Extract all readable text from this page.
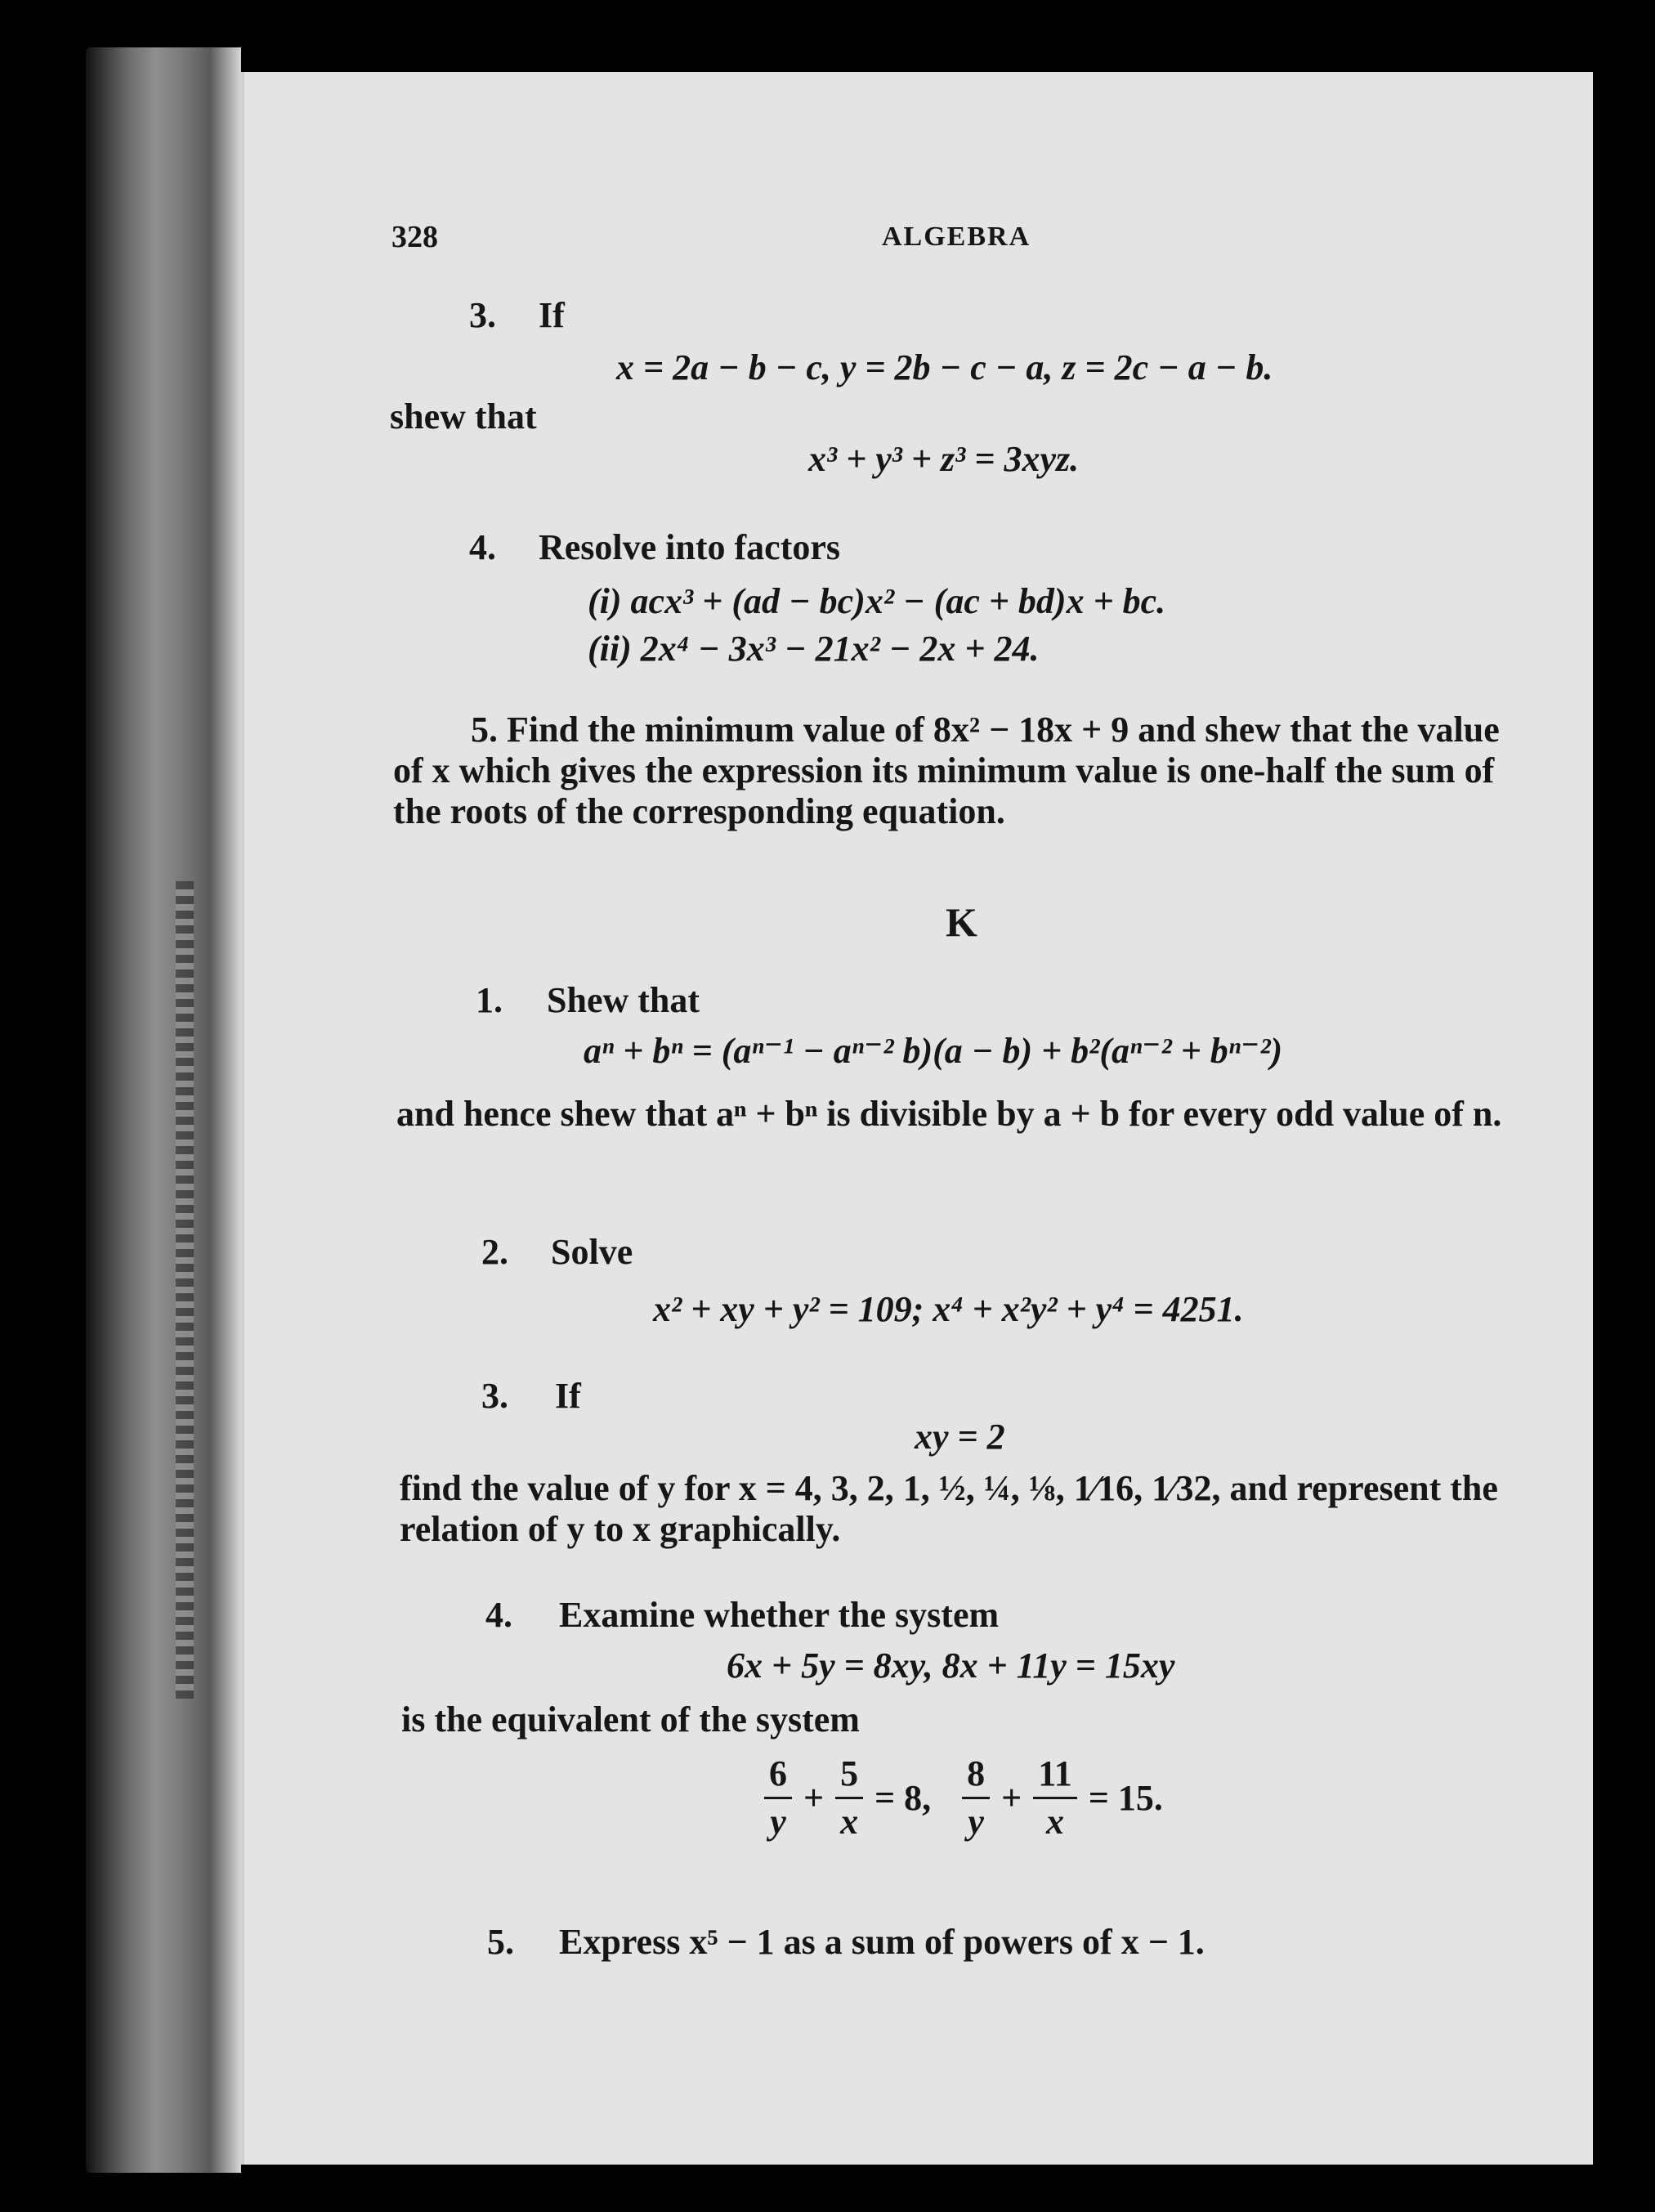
328	ALGEBRA
3. If
x = 2a − b − c, y = 2b − c − a, z = 2c − a − b.
shew that
x³ + y³ + z³ = 3xyz.
4. Resolve into factors
(i) acx³ + (ad − bc)x² − (ac + bd)x + bc.
(ii) 2x⁴ − 3x³ − 21x² − 2x + 24.
5. Find the minimum value of 8x² − 18x + 9 and shew that the value of x which gives the expression its minimum value is one-half the sum of the roots of the corresponding equation.
K
1. Shew that
aⁿ + bⁿ = (aⁿ⁻¹ − aⁿ⁻² b)(a − b) + b²(aⁿ⁻² + bⁿ⁻²)
and hence shew that aⁿ + bⁿ is divisible by a + b for every odd value of n.
2. Solve
x² + xy + y² = 109; x⁴ + x²y² + y⁴ = 4251.
3. If
xy = 2
find the value of y for x = 4, 3, 2, 1, ½, ¼, ⅛, 1⁄16, 1⁄32, and represent the relation of y to x graphically.
4. Examine whether the system
6x + 5y = 8xy, 8x + 11y = 15xy
is the equivalent of the system
$\frac{6}{y} + \frac{5}{x} = 8$, $\frac{8}{y} + \frac{11}{x} = 15$.
5. Express x⁵ − 1 as a sum of powers of x − 1.
